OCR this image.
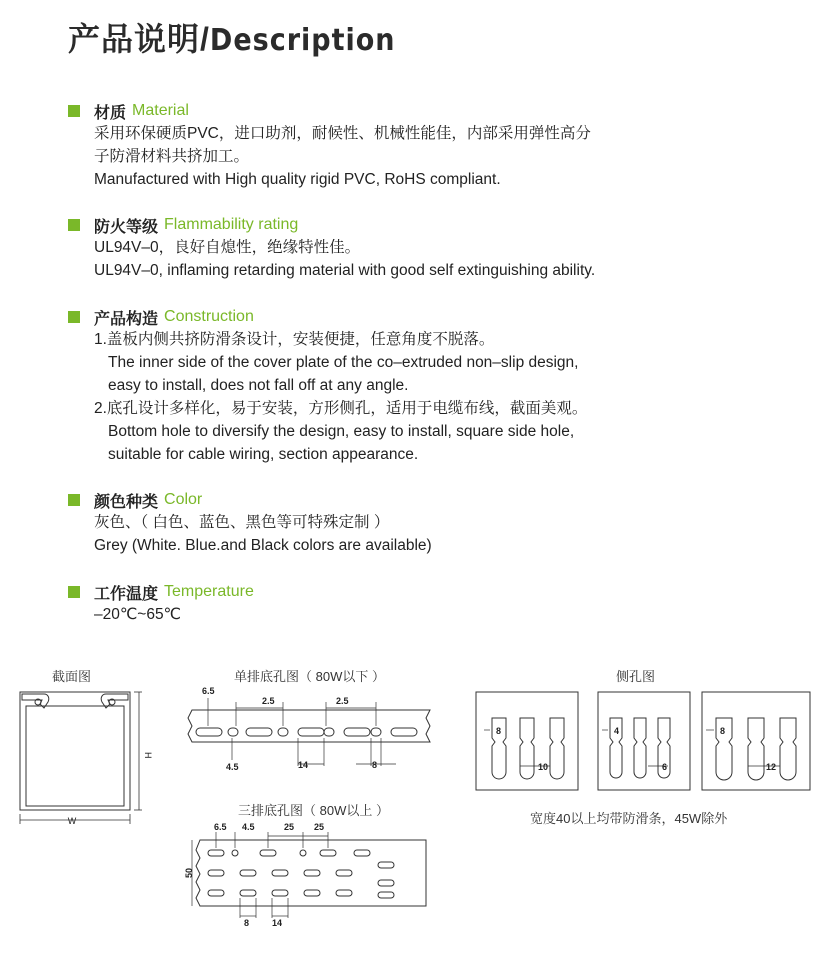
产品说明/Description
材质 Material
采用环保硬质PVC，进口助剂，耐候性、机械性能佳，内部采用弹性高分
子防滑材料共挤加工。
Manufactured with High quality rigid PVC, RoHS compliant.
防火等级 Flammability rating
UL94V–0，良好自熄性，绝缘特性佳。
UL94V–0, inflaming retarding material with good self extinguishing ability.
产品构造 Construction
1.盖板内侧共挤防滑条设计，安装便捷，任意角度不脱落。
The inner side of the cover plate of the co–extruded non–slip design,
easy to install, does not fall off at any angle.
2.底孔设计多样化，易于安装，方形侧孔，适用于电缆布线，截面美观。
Bottom hole to diversify the design, easy to install, square side hole,
suitable for cable wiring, section appearance.
颜色种类 Color
灰色、（ 白色、蓝色、黑色等可特殊定制 ）
Grey (White. Blue.and Black colors are available)
工作温度 Temperature
–20℃~65℃
截面图	单排底孔图（ 80W以下 ）
三排底孔图（ 80W以上 ）
侧孔图
宽度40以上均带防滑条，45W除外
W
H
6.5
2.5	2.5
4.5	14	8
6.5 4.5	25 25
50
8	14
8
10
4
6
8
12
